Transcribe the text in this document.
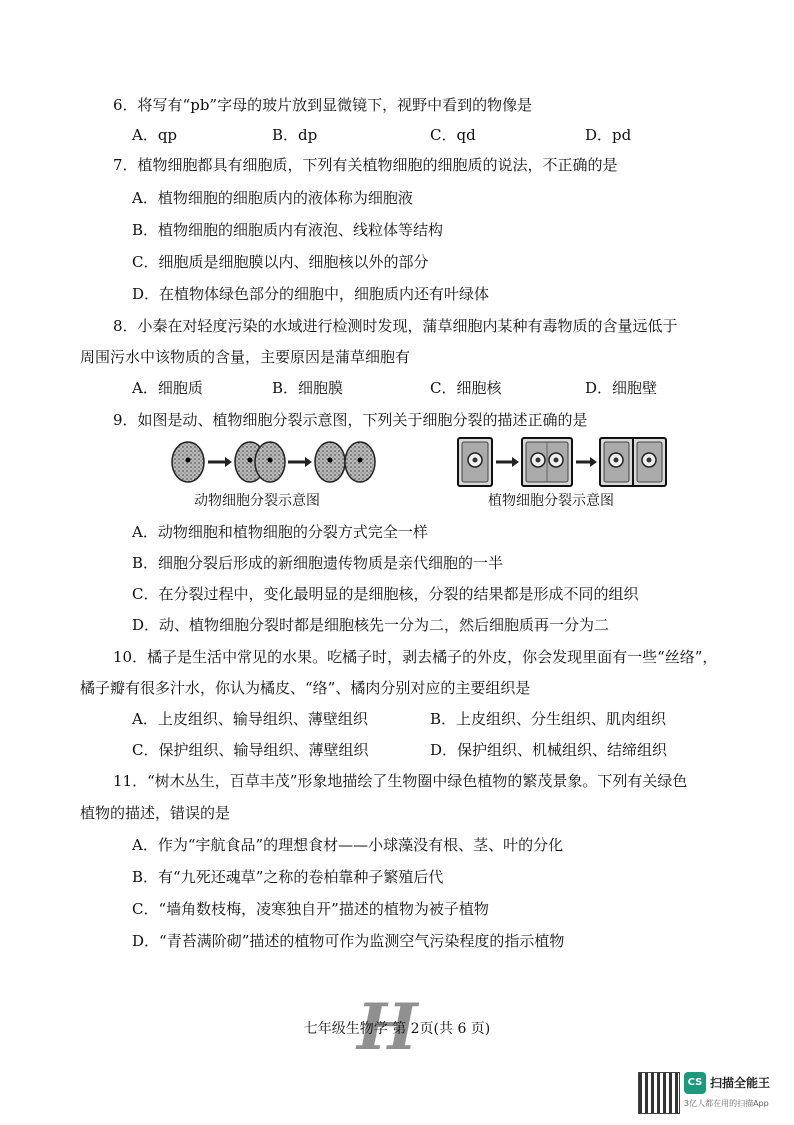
6．将写有“pb”字母的玻片放到显微镜下，视野中看到的物像是
A．qp	B．dp	C．qd	D．pd
7．植物细胞都具有细胞质，下列有关植物细胞的细胞质的说法，不正确的是
A．植物细胞的细胞质内的液体称为细胞液
B．植物细胞的细胞质内有液泡、线粒体等结构
C．细胞质是细胞膜以内、细胞核以外的部分
D．在植物体绿色部分的细胞中，细胞质内还有叶绿体
8．小秦在对轻度污染的水域进行检测时发现，蒲草细胞内某种有毒物质的含量远低于
周围污水中该物质的含量，主要原因是蒲草细胞有
A．细胞质	B．细胞膜	C．细胞核	D．细胞壁
9．如图是动、植物细胞分裂示意图，下列关于细胞分裂的描述正确的是
动物细胞分裂示意图	植物细胞分裂示意图
A．动物细胞和植物细胞的分裂方式完全一样
B．细胞分裂后形成的新细胞遗传物质是亲代细胞的一半
C．在分裂过程中，变化最明显的是细胞核，分裂的结果都是形成不同的组织
D．动、植物细胞分裂时都是细胞核先一分为二，然后细胞质再一分为二
10．橘子是生活中常见的水果。吃橘子时，剥去橘子的外皮，你会发现里面有一些“丝络”，
橘子瓣有很多汁水，你认为橘皮、“络”、橘肉分别对应的主要组织是
A．上皮组织、输导组织、薄壁组织	B．上皮组织、分生组织、肌肉组织
C．保护组织、输导组织、薄壁组织	D．保护组织、机械组织、结缔组织
11．“树木丛生，百草丰茂”形象地描绘了生物圈中绿色植物的繁茂景象。下列有关绿色
植物的描述，错误的是
A．作为“宇航食品”的理想食材——小球藻没有根、茎、叶的分化
B．有“九死还魂草”之称的卷柏靠种子繁殖后代
C．“墙角数枝梅，凌寒独自开”描述的植物为被子植物
D．“青苔满阶砌”描述的植物可作为监测空气污染程度的指示植物
H
七年级生物学 第 2页(共 6 页)
CS 扫描全能王
3亿人都在用的扫描App
